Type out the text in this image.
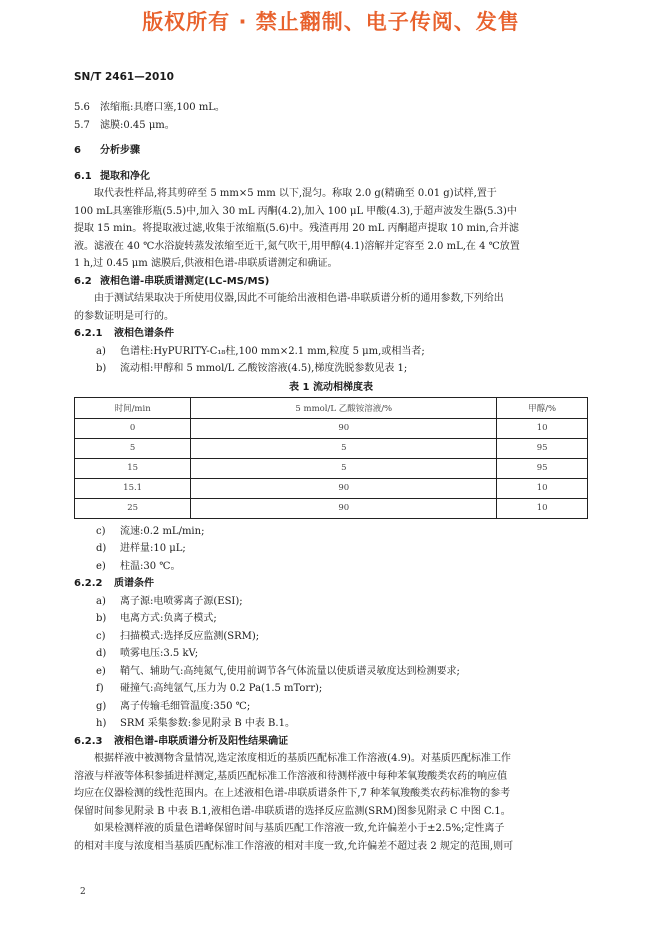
版权所有 · 禁止翻制、电子传阅、发售
SN/T 2461—2010
5.6 浓缩瓶:具磨口塞,100 mL。
5.7 滤膜:0.45 μm。
6 分析步骤
6.1 提取和净化
取代表性样品,将其剪碎至 5 mm×5 mm 以下,混匀。称取 2.0 g(精确至 0.01 g)试样,置于
100 mL具塞锥形瓶(5.5)中,加入 30 mL 丙酮(4.2),加入 100 μL 甲酸(4.3),于超声波发生器(5.3)中
提取 15 min。将提取液过滤,收集于浓缩瓶(5.6)中。残渣再用 20 mL 丙酮超声提取 10 min,合并滤
液。滤液在 40 ℃水浴旋转蒸发浓缩至近干,氮气吹干,用甲醇(4.1)溶解并定容至 2.0 mL,在 4 ℃放置
1 h,过 0.45 μm 滤膜后,供液相色谱-串联质谱测定和确证。
6.2 液相色谱-串联质谱测定(LC-MS/MS)
由于测试结果取决于所使用仪器,因此不可能给出液相色谱-串联质谱分析的通用参数,下列给出
的参数证明是可行的。
6.2.1 液相色谱条件
a) 色谱柱:HyPURITY-C₁₈柱,100 mm×2.1 mm,粒度 5 μm,或相当者;
b) 流动相:甲醇和 5 mmol/L 乙酸铵溶液(4.5),梯度洗脱参数见表 1;
表 1 流动相梯度表
时间/min	5 mmol/L 乙酸铵溶液/%	甲醇/%
0	90	10
5	5	95
15	5	95
15.1	90	10
25	90	10
c) 流速:0.2 mL/min;
d) 进样量:10 μL;
e) 柱温:30 ℃。
6.2.2 质谱条件
a) 离子源:电喷雾离子源(ESI);
b) 电离方式:负离子模式;
c) 扫描模式:选择反应监测(SRM);
d) 喷雾电压:3.5 kV;
e) 鞘气、辅助气:高纯氮气,使用前调节各气体流量以使质谱灵敏度达到检测要求;
f) 碰撞气:高纯氩气,压力为 0.2 Pa(1.5 mTorr);
g) 离子传输毛细管温度:350 ℃;
h) SRM 采集参数:参见附录 B 中表 B.1。
6.2.3 液相色谱-串联质谱分析及阳性结果确证
根据样液中被测物含量情况,选定浓度相近的基质匹配标准工作溶液(4.9)。对基质匹配标准工作
溶液与样液等体积参插进样测定,基质匹配标准工作溶液和待测样液中每种苯氧羧酸类农药的响应值
均应在仪器检测的线性范围内。在上述液相色谱-串联质谱条件下,7 种苯氧羧酸类农药标准物的参考
保留时间参见附录 B 中表 B.1,液相色谱-串联质谱的选择反应监测(SRM)图参见附录 C 中图 C.1。
如果检测样液的质量色谱峰保留时间与基质匹配工作溶液一致,允许偏差小于±2.5%;定性离子
的相对丰度与浓度相当基质匹配标准工作溶液的相对丰度一致,允许偏差不超过表 2 规定的范围,则可
2
